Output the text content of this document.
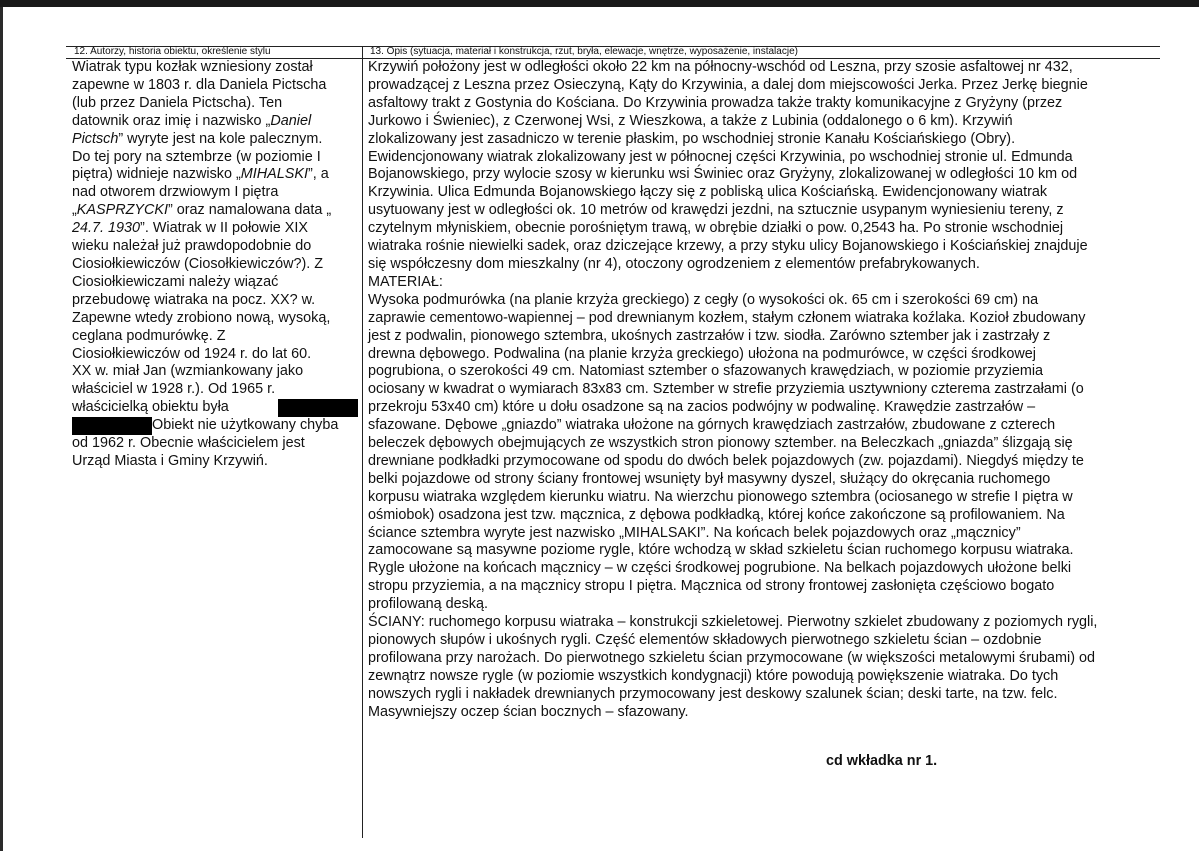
12. Autorzy, historia obiektu, określenie stylu	13. Opis (sytuacja, materiał i konstrukcja, rzut, bryła, elewacje, wnętrze, wyposażenie, instalacje)
Wiatrak typu kozłak wzniesiony został
zapewne w 1803 r. dla Daniela Pictscha
(lub przez Daniela Pictscha). Ten
datownik oraz imię i nazwisko „Daniel
Pictsch” wyryte jest na kole palecznym.
Do tej pory na sztembrze (w poziomie I
piętra) widnieje nazwisko „MIHALSKI”, a
nad otworem drzwiowym I piętra
„KASPRZYCKI” oraz namalowana data „
24.7. 1930”. Wiatrak w II połowie XIX
wieku należał już prawdopodobnie do
Ciosiołkiewiczów (Ciosołkiewiczów?). Z
Ciosiołkiewiczami należy wiązać
przebudowę wiatraka na pocz. XX? w.
Zapewne wtedy zrobiono nową, wysoką,
ceglana podmurówkę. Z
Ciosiołkiewiczów od 1924 r. do lat 60.
XX w. miał Jan (wzmiankowany jako
właściciel w 1928 r.). Od 1965 r.
właścicielką obiektu była
Obiekt nie użytkowany chyba
od 1962 r. Obecnie właścicielem jest
Urząd Miasta i Gminy Krzywiń.
Krzywiń położony jest w odległości około 22 km na północny-wschód od Leszna, przy szosie asfaltowej nr 432,
prowadzącej z Leszna przez Osieczyną, Kąty do Krzywinia, a dalej dom miejscowości Jerka. Przez Jerkę biegnie
asfaltowy trakt z Gostynia do Kościana. Do Krzywinia prowadza także trakty komunikacyjne z Gryżyny (przez
Jurkowo i Świeniec), z Czerwonej Wsi, z Wieszkowa, a także z Lubinia (oddalonego o 6 km). Krzywiń
zlokalizowany jest zasadniczo w terenie płaskim, po wschodniej stronie Kanału Kościańskiego (Obry).
Ewidencjonowany wiatrak zlokalizowany jest w północnej części Krzywinia, po wschodniej stronie ul. Edmunda
Bojanowskiego, przy wylocie szosy w kierunku wsi Świniec oraz Gryżyny, zlokalizowanej w odległości 10 km od
Krzywinia. Ulica Edmunda Bojanowskiego łączy się z pobliską ulica Kościańską. Ewidencjonowany wiatrak
usytuowany jest w odległości ok. 10 metrów od krawędzi jezdni, na sztucznie usypanym wyniesieniu tereny, z
czytelnym młyniskiem, obecnie porośniętym trawą, w obrębie działki o pow. 0,2543 ha. Po stronie wschodniej
wiatraka rośnie niewielki sadek, oraz dziczejące krzewy, a przy styku ulicy Bojanowskiego i Kościańskiej znajduje
się współczesny dom mieszkalny (nr 4), otoczony ogrodzeniem z elementów prefabrykowanych.
MATERIAŁ:
Wysoka podmurówka (na planie krzyża greckiego) z cegły (o wysokości ok. 65 cm i szerokości 69 cm) na
zaprawie cementowo-wapiennej – pod drewnianym kozłem, stałym członem wiatraka koźlaka. Kozioł zbudowany
jest z podwalin, pionowego sztembra, ukośnych zastrzałów i tzw. siodła. Zarówno sztember jak i zastrzały z
drewna dębowego. Podwalina (na planie krzyża greckiego) ułożona na podmurówce, w części środkowej
pogrubiona, o szerokości 49 cm. Natomiast sztember o sfazowanych krawędziach, w poziomie przyziemia
ociosany w kwadrat o wymiarach 83x83 cm. Sztember w strefie przyziemia usztywniony czterema zastrzałami (o
przekroju 53x40 cm) które u dołu osadzone są na zacios podwójny w podwalinę. Krawędzie zastrzałów –
sfazowane. Dębowe „gniazdo” wiatraka ułożone na górnych krawędziach zastrzałów, zbudowane z czterech
beleczek dębowych obejmujących ze wszystkich stron pionowy sztember. na Beleczkach „gniazda” ślizgają się
drewniane podkładki przymocowane od spodu do dwóch belek pojazdowych (zw. pojazdami). Niegdyś między te
belki pojazdowe od strony ściany frontowej wsunięty był masywny dyszel, służący do okręcania ruchomego
korpusu wiatraka względem kierunku wiatru. Na wierzchu pionowego sztembra (ociosanego w strefie I piętra w
ośmiobok) osadzona jest tzw. mącznica, z dębowa podkładką, której końce zakończone są profilowaniem. Na
ściance sztembra wyryte jest nazwisko „MIHALSAKI”. Na końcach belek pojazdowych oraz „mącznicy”
zamocowane są masywne poziome rygle, które wchodzą w skład szkieletu ścian ruchomego korpusu wiatraka.
Rygle ułożone na końcach mącznicy – w części środkowej pogrubione. Na belkach pojazdowych ułożone belki
stropu przyziemia, a na mącznicy stropu I piętra. Mącznica od strony frontowej zasłonięta częściowo bogato
profilowaną deską.
ŚCIANY: ruchomego korpusu wiatraka – konstrukcji szkieletowej. Pierwotny szkielet zbudowany z poziomych rygli,
pionowych słupów i ukośnych rygli. Część elementów składowych pierwotnego szkieletu ścian – ozdobnie
profilowana przy narożach. Do pierwotnego szkieletu ścian przymocowane (w większości metalowymi śrubami) od
zewnątrz nowsze rygle (w poziomie wszystkich kondygnacji) które powodują powiększenie wiatraka. Do tych
nowszych rygli i nakładek drewnianych przymocowany jest deskowy szalunek ścian; deski tarte, na tzw. felc.
Masywniejszy oczep ścian bocznych – sfazowany.
cd wkładka nr 1.
